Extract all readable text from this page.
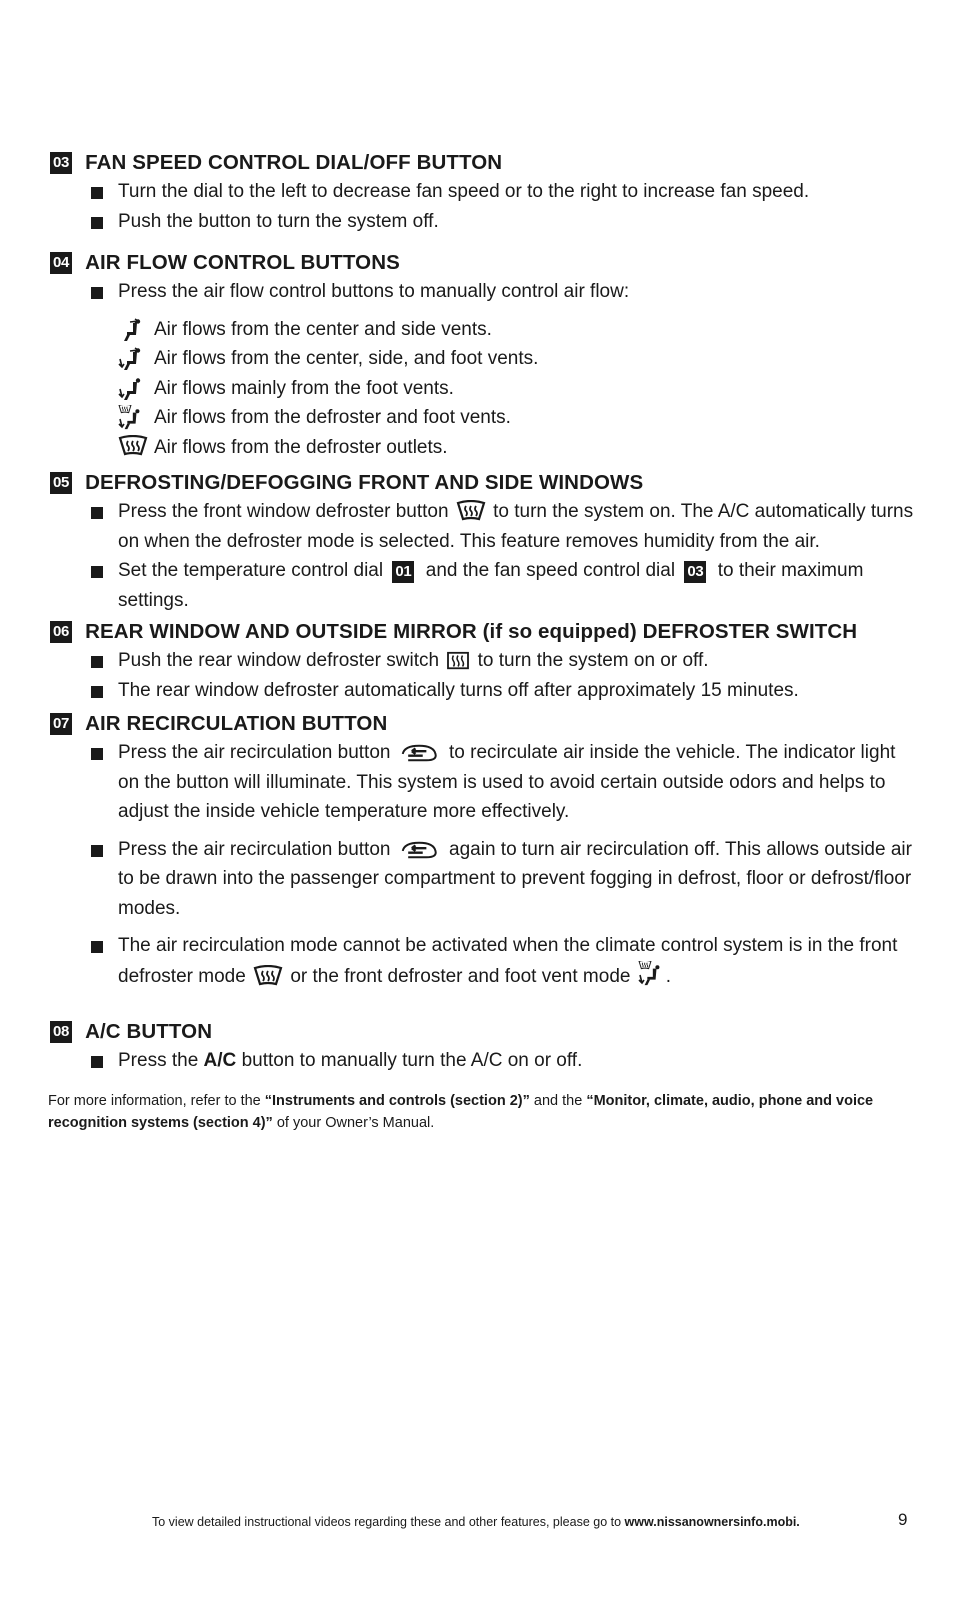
03 FAN SPEED CONTROL DIAL/OFF BUTTON
Turn the dial to the left to decrease fan speed or to the right to increase fan speed.
Push the button to turn the system off.
04 AIR FLOW CONTROL BUTTONS
Press the air flow control buttons to manually control air flow:
Air flows from the center and side vents.
Air flows from the center, side, and foot vents.
Air flows mainly from the foot vents.
Air flows from the defroster and foot vents.
Air flows from the defroster outlets.
05 DEFROSTING/DEFOGGING FRONT AND SIDE WINDOWS
Press the front window defroster button to turn the system on. The A/C automatically turns on when the defroster mode is selected. This feature removes humidity from the air.
Set the temperature control dial 01 and the fan speed control dial 03 to their maximum settings.
06 REAR WINDOW AND OUTSIDE MIRROR (if so equipped) DEFROSTER SWITCH
Push the rear window defroster switch to turn the system on or off.
The rear window defroster automatically turns off after approximately 15 minutes.
07 AIR RECIRCULATION BUTTON
Press the air recirculation button	to recirculate air inside the vehicle. The indicator light on the button will illuminate. This system is used to avoid certain outside odors and helps to adjust the inside vehicle temperature more effectively.
Press the air recirculation button	again to turn air recirculation off. This allows outside air to be drawn into the passenger compartment to prevent fogging in defrost, floor or defrost/floor modes.
The air recirculation mode cannot be activated when the climate control system is in the front defroster mode or the front defroster and foot vent mode .
08 A/C BUTTON
Press the A/C button to manually turn the A/C on or off.
For more information, refer to the “Instruments and controls (section 2)” and the “Monitor, climate, audio, phone and voice recognition systems (section 4)” of your Owner’s Manual.
To view detailed instructional videos regarding these and other features, please go to www.nissanownersinfo.mobi.	9
